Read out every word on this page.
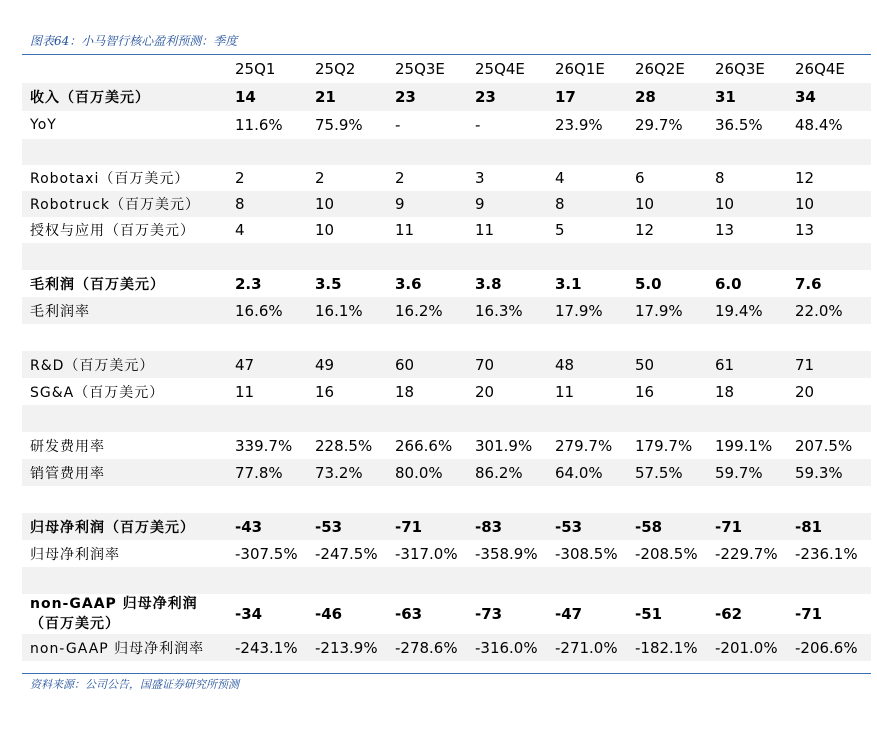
图表64：小马智行核心盈利预测：季度
	25Q1	25Q2	25Q3E	25Q4E	26Q1E	26Q2E	26Q3E	26Q4E
收入（百万美元）	14	21	23	23	17	28	31	34
YoY	11.6%	75.9%	-	-	23.9%	29.7%	36.5%	48.4%

Robotaxi（百万美元）	2	2	2	3	4	6	8	12
Robotruck（百万美元）	8	10	9	9	8	10	10	10
授权与应用（百万美元）	4	10	11	11	5	12	13	13

毛利润（百万美元）	2.3	3.5	3.6	3.8	3.1	5.0	6.0	7.6
毛利润率	16.6%	16.1%	16.2%	16.3%	17.9%	17.9%	19.4%	22.0%

R&D（百万美元）	47	49	60	70	48	50	61	71
SG&A（百万美元）	11	16	18	20	11	16	18	20

研发费用率	339.7%	228.5%	266.6%	301.9%	279.7%	179.7%	199.1%	207.5%
销管费用率	77.8%	73.2%	80.0%	86.2%	64.0%	57.5%	59.7%	59.3%

归母净利润（百万美元）	-43	-53	-71	-83	-53	-58	-71	-81
归母净利润率	-307.5%	-247.5%	-317.0%	-358.9%	-308.5%	-208.5%	-229.7%	-236.1%

non-GAAP 归母净利润（百万美元）	-34	-46	-63	-73	-47	-51	-62	-71
non-GAAP 归母净利润率	-243.1%	-213.9%	-278.6%	-316.0%	-271.0%	-182.1%	-201.0%	-206.6%
资料来源：公司公告，国盛证券研究所预测
